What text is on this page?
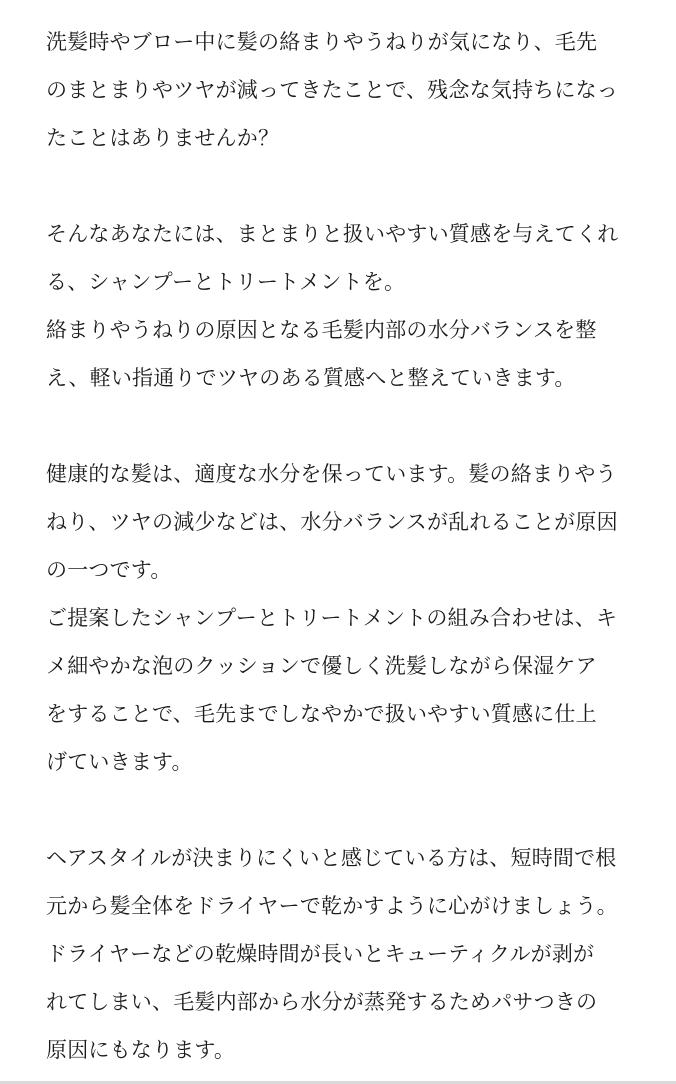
洗髪時やブロー中に髪の絡まりやうねりが気になり、毛先
のまとまりやツヤが減ってきたことで、残念な気持ちになっ
たことはありませんか？
そんなあなたには、まとまりと扱いやすい質感を与えてくれ
る、シャンプーとトリートメントを。
絡まりやうねりの原因となる毛髪内部の水分バランスを整
え、軽い指通りでツヤのある質感へと整えていきます。
健康的な髪は、適度な水分を保っています。髪の絡まりやう
ねり、ツヤの減少などは、水分バランスが乱れることが原因
の一つです。
ご提案したシャンプーとトリートメントの組み合わせは、キ
メ細やかな泡のクッションで優しく洗髪しながら保湿ケア
をすることで、毛先までしなやかで扱いやすい質感に仕上
げていきます。
ヘアスタイルが決まりにくいと感じている方は、短時間で根
元から髪全体をドライヤーで乾かすように心がけましょう。
ドライヤーなどの乾燥時間が長いとキューティクルが剥が
れてしまい、毛髪内部から水分が蒸発するためパサつきの
原因にもなります。
